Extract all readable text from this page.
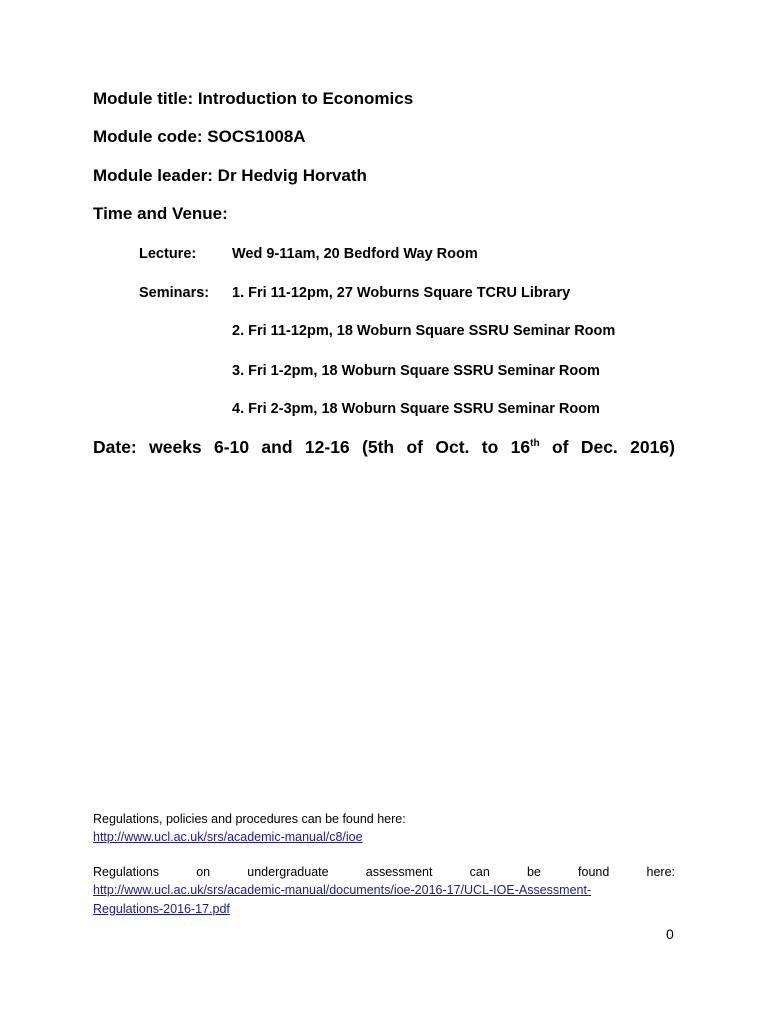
Module title: Introduction to Economics
Module code: SOCS1008A
Module leader: Dr Hedvig Horvath
Time and Venue:
Lecture: Wed 9-11am, 20 Bedford Way Room
Seminars: 1. Fri 11-12pm, 27 Woburns Square TCRU Library
2. Fri 11-12pm, 18 Woburn Square SSRU Seminar Room
3. Fri 1-2pm, 18 Woburn Square SSRU Seminar Room
4. Fri 2-3pm, 18 Woburn Square SSRU Seminar Room
Date: weeks 6-10 and 12-16 (5th of Oct. to 16th of Dec. 2016)
Regulations, policies and procedures can be found here:
http://www.ucl.ac.uk/srs/academic-manual/c8/ioe
Regulations	on	undergraduate	assessment	can	be	found	here:
http://www.ucl.ac.uk/srs/academic-manual/documents/ioe-2016-17/UCL-IOE-Assessment-
Regulations-2016-17.pdf
0
